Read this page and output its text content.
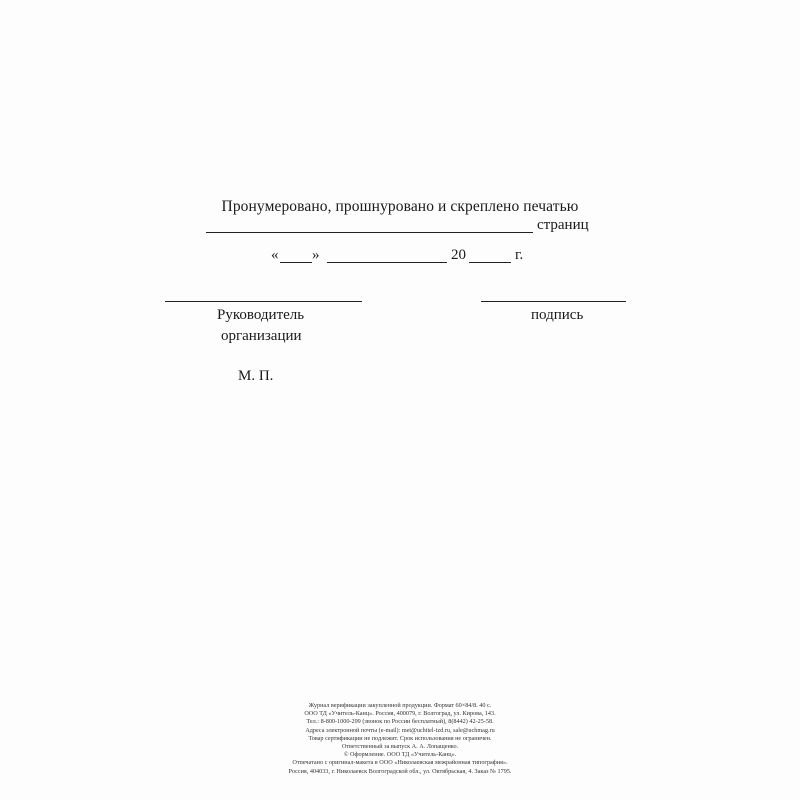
Пронумеровано, прошнуровано и скреплено печатью
страниц
« »	20	г.
Руководитель
организации
подпись
М. П.
Журнал верификации закупленной продукции. Формат 60×84/8. 40 с.
ООО ТД «Учитель-Канц». Россия, 400079, г. Волгоград, ул. Кирова, 143.
Тел.: 8-800-1000-299 (звонок по России бесплатный), 8(8442) 42-25-58.
Адреса электронной почты (e-mail): met@uchitel-izd.ru, sale@uchmag.ru
Товар сертификации не подлежит. Срок использования не ограничен.
Ответственный за выпуск А. А. Лопащенко.
© Оформление. ООО ТД «Учитель-Канц».
Отпечатано с оригинал-макета в ООО «Николаевская межрайонная типография».
Россия, 404033, г. Николаевск Волгоградской обл., ул. Октябрьская, 4. Заказ № 1795.
